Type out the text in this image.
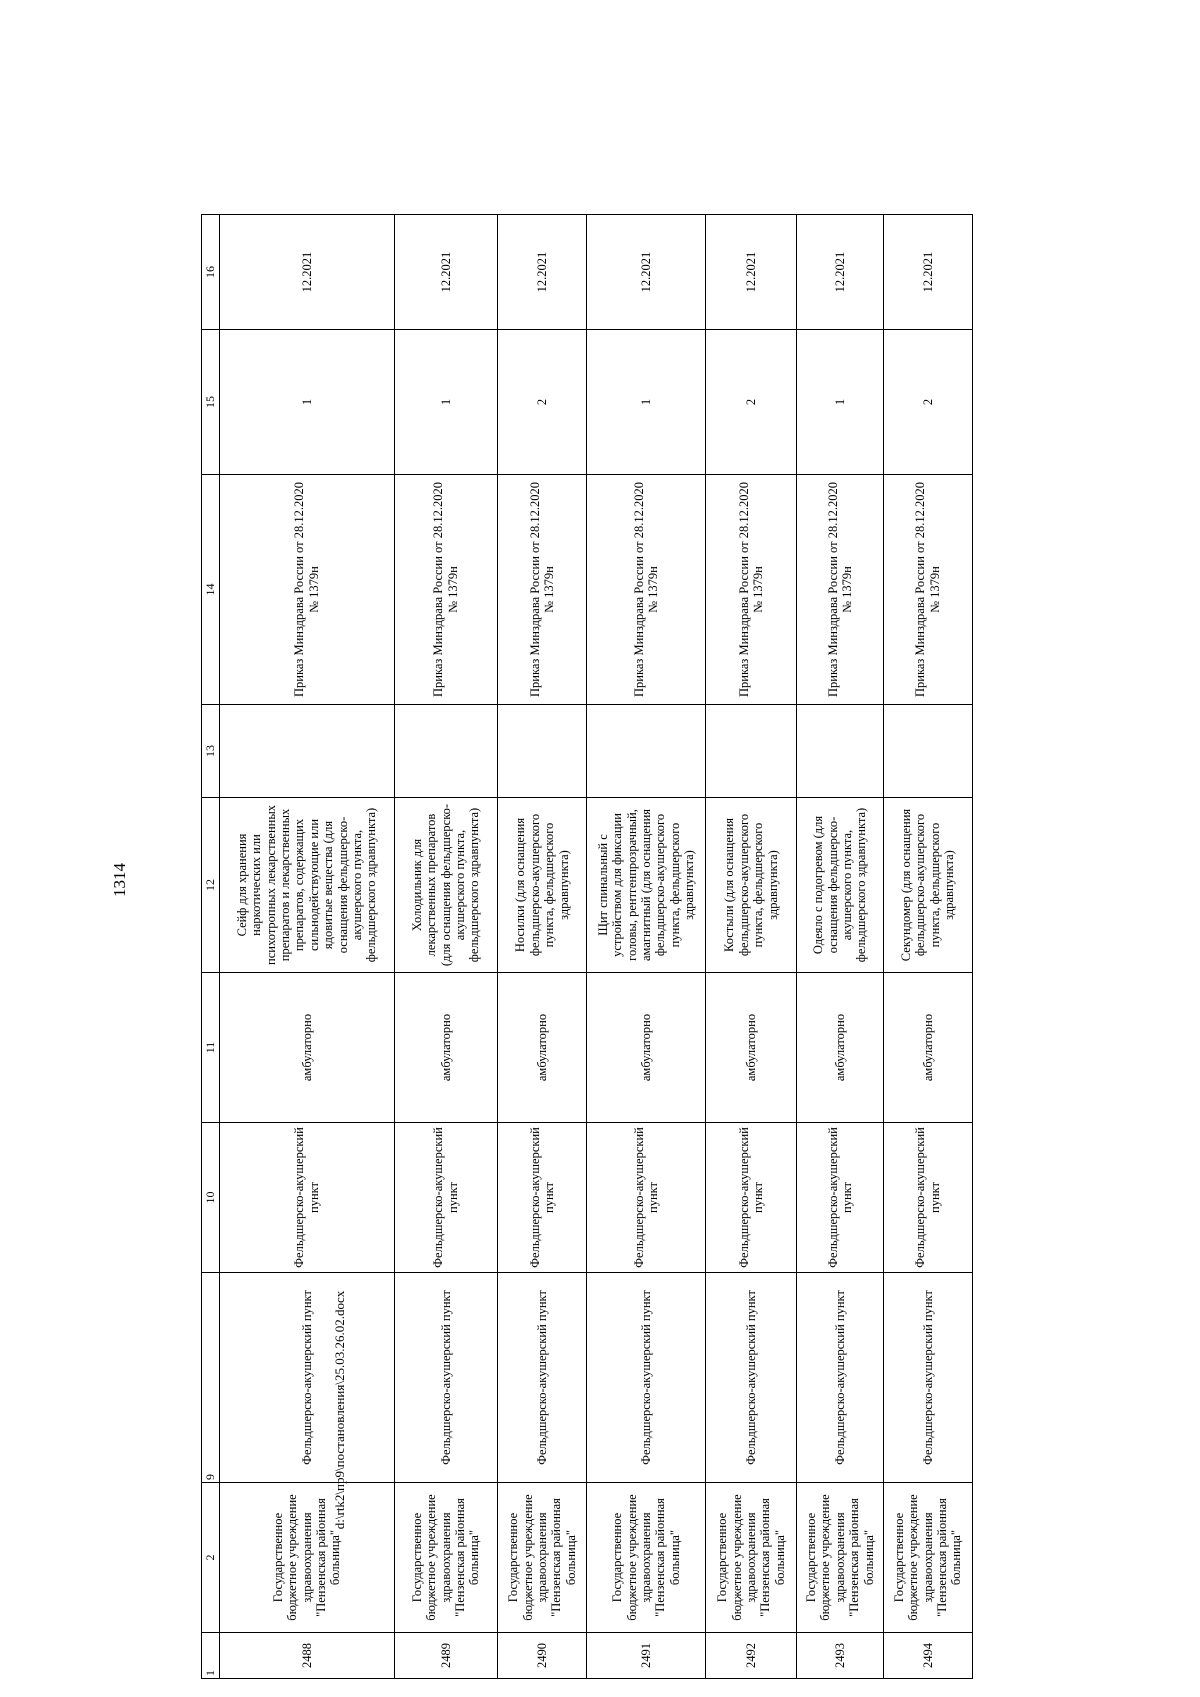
1314
1	2	9	10	11	12	13	14	15	16
2488	Государственное бюджетное учреждение здравоохранения "Пензенская районная больница"	Фельдшерско-акушерский пункт	Фельдшерско-акушерский пункт	амбулаторно	Сейф для хранения наркотических или психотропных лекарственных препаратов и лекарственных препаратов, содержащих сильнодействующие или ядовитые вещества (для оснащения фельдшерско-акушерского пункта, фельдшерского здравпункта)		Приказ Минздрава России от 28.12.2020 № 1379н	1	12.2021
2489	Государственное бюджетное учреждение здравоохранения "Пензенская районная больница"	Фельдшерско-акушерский пункт	Фельдшерско-акушерский пункт	амбулаторно	Холодильник для лекарственных препаратов (для оснащения фельдшерско-акушерского пункта, фельдшерского здравпункта)		Приказ Минздрава России от 28.12.2020 № 1379н	1	12.2021
2490	Государственное бюджетное учреждение здравоохранения "Пензенская районная больница"	Фельдшерско-акушерский пункт	Фельдшерско-акушерский пункт	амбулаторно	Носилки (для оснащения фельдшерско-акушерского пункта, фельдшерского здравпункта)		Приказ Минздрава России от 28.12.2020 № 1379н	2	12.2021
2491	Государственное бюджетное учреждение здравоохранения "Пензенская районная больница"	Фельдшерско-акушерский пункт	Фельдшерско-акушерский пункт	амбулаторно	Щит спинальный с устройством для фиксации головы, рентгенпрозрачный, амагнитный (для оснащения фельдшерско-акушерского пункта, фельдшерского здравпункта)		Приказ Минздрава России от 28.12.2020 № 1379н	1	12.2021
2492	Государственное бюджетное учреждение здравоохранения "Пензенская районная больница"	Фельдшерско-акушерский пункт	Фельдшерско-акушерский пункт	амбулаторно	Костыли (для оснащения фельдшерско-акушерского пункта, фельдшерского здравпункта)		Приказ Минздрава России от 28.12.2020 № 1379н	2	12.2021
2493	Государственное бюджетное учреждение здравоохранения "Пензенская районная больница"	Фельдшерско-акушерский пункт	Фельдшерско-акушерский пункт	амбулаторно	Одеяло с подогревом (для оснащения фельдшерско-акушерского пункта, фельдшерского здравпункта)		Приказ Минздрава России от 28.12.2020 № 1379н	1	12.2021
2494	Государственное бюджетное учреждение здравоохранения "Пензенская районная больница"	Фельдшерско-акушерский пункт	Фельдшерско-акушерский пункт	амбулаторно	Секундомер (для оснащения фельдшерско-акушерского пункта, фельдшерского здравпункта)		Приказ Минздрава России от 28.12.2020 № 1379н	2	12.2021
d:\rtk2\пр9\постановления\25.03.26.02.docx
